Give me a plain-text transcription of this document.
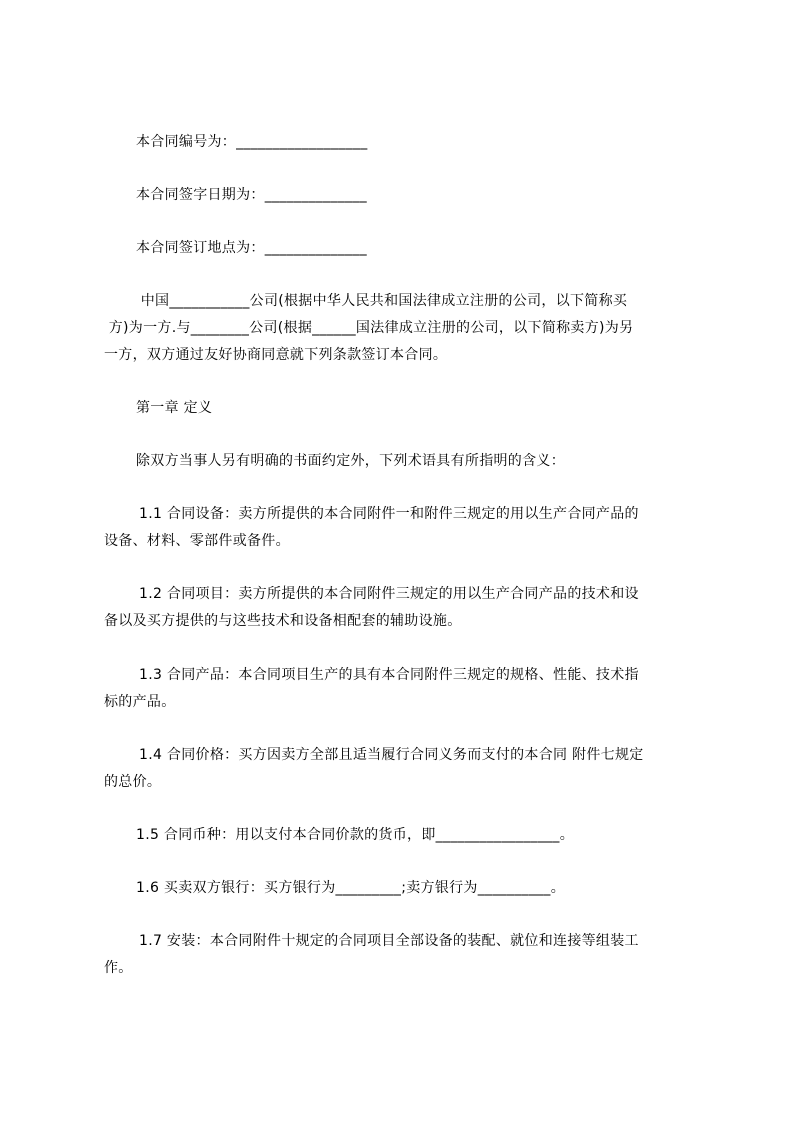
本合同编号为：__________________
本合同签字日期为：______________
本合同签订地点为：______________
中国___________公司(根据中华人民共和国法律成立注册的公司，以下简称买
方)为一方.与________公司(根据______国法律成立注册的公司，以下简称卖方)为另
一方，双方通过友好协商同意就下列条款签订本合同。
第一章 定义
除双方当事人另有明确的书面约定外，下列术语具有所指明的含义：
1.1 合同设备：卖方所提供的本合同附件一和附件三规定的用以生产合同产品的
设备、材料、零部件或备件。
1.2 合同项目：卖方所提供的本合同附件三规定的用以生产合同产品的技术和设
备以及买方提供的与这些技术和设备相配套的辅助设施。
1.3 合同产品：本合同项目生产的具有本合同附件三规定的规格、性能、技术指
标的产品。
1.4 合同价格：买方因卖方全部且适当履行合同义务而支付的本合同 附件七规定
的总价。
1.5 合同币种：用以支付本合同价款的货币，即_________________。
1.6 买卖双方银行：买方银行为_________;卖方银行为__________。
1.7 安装：本合同附件十规定的合同项目全部设备的装配、就位和连接等组装工
作。
